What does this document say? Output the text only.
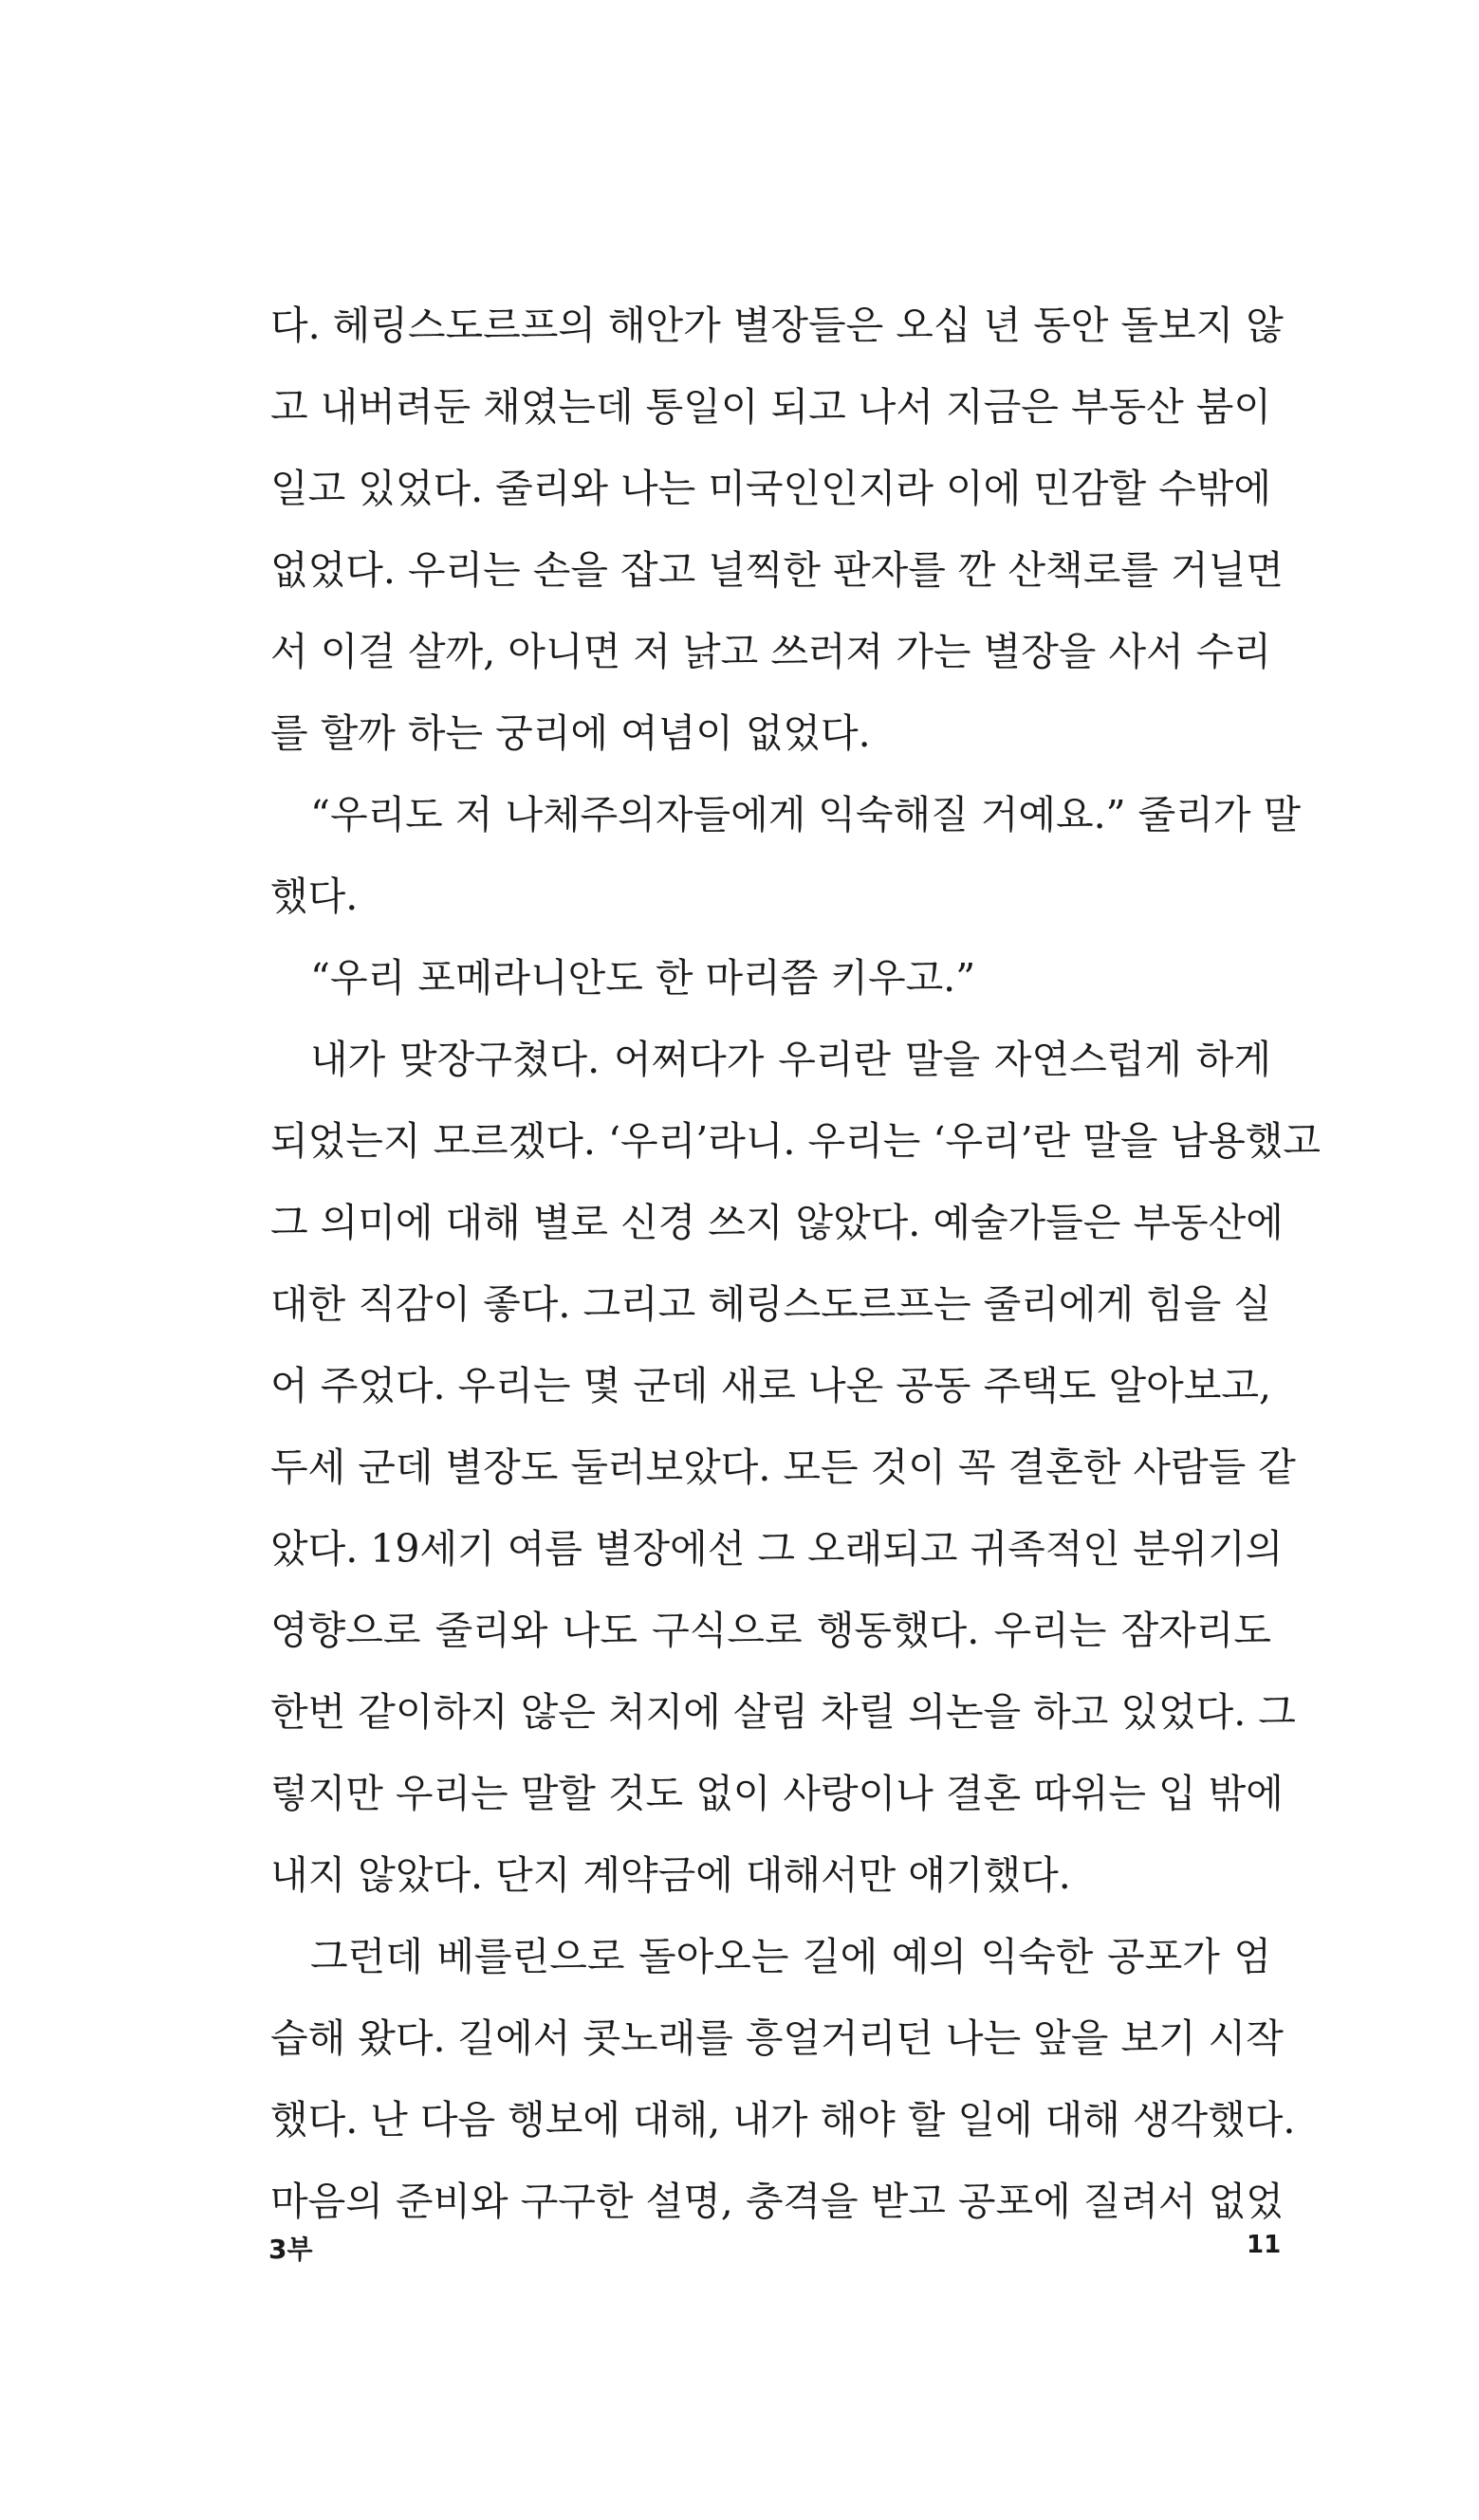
다. 헤링스도르프의 해안가 별장들은 오십 년 동안 돌보지 않
고 내버려둔 채였는데 통일이 되고 나서 지금은 부동산 붐이
일고 있었다. 줄리와 나는 미국인인지라 이에 민감할 수밖에
없었다. 우리는 손을 잡고 널찍한 판자를 깐 산책로를 거닐면
서 이걸 살까, 아니면 저 낡고 쓰러져 가는 별장을 사서 수리
를 할까 하는 궁리에 여념이 없었다.
“우리도 저 나체주의자들에게 익숙해질 거예요.” 줄리가 말
했다.
“우리 포메라니안도 한 마리쯤 키우고.”
내가 맞장구쳤다. 어쩌다가 우리란 말을 자연스럽게 하게
되었는지 모르겠다. ‘우리’라니. 우리는 ‘우리’란 말을 남용했고
그 의미에 대해 별로 신경 쓰지 않았다. 예술가들은 부동산에
대한 직감이 좋다. 그리고 헤링스도르프는 줄리에게 힘을 실
어 주었다. 우리는 몇 군데 새로 나온 공동 주택도 알아보고,
두세 군데 별장도 둘러보았다. 모든 것이 꼭 결혼한 사람들 같
았다. 19세기 여름 별장에선 그 오래되고 귀족적인 분위기의
영향으로 줄리와 나도 구식으로 행동했다. 우리는 잠자리도
한번 같이하지 않은 처지에 살림 차릴 의논을 하고 있었다. 그
렇지만 우리는 말할 것도 없이 사랑이나 결혼 따위는 입 밖에
내지 않았다. 단지 계약금에 대해서만 얘기했다.
그런데 베를린으로 돌아오는 길에 예의 익숙한 공포가 엄
습해 왔다. 길에서 콧노래를 흥얼거리던 나는 앞을 보기 시작
했다. 난 다음 행보에 대해, 내가 해야 할 일에 대해 생각했다.
마음의 준비와 구구한 설명, 충격을 받고 공포에 질려서 없었
3부	11
